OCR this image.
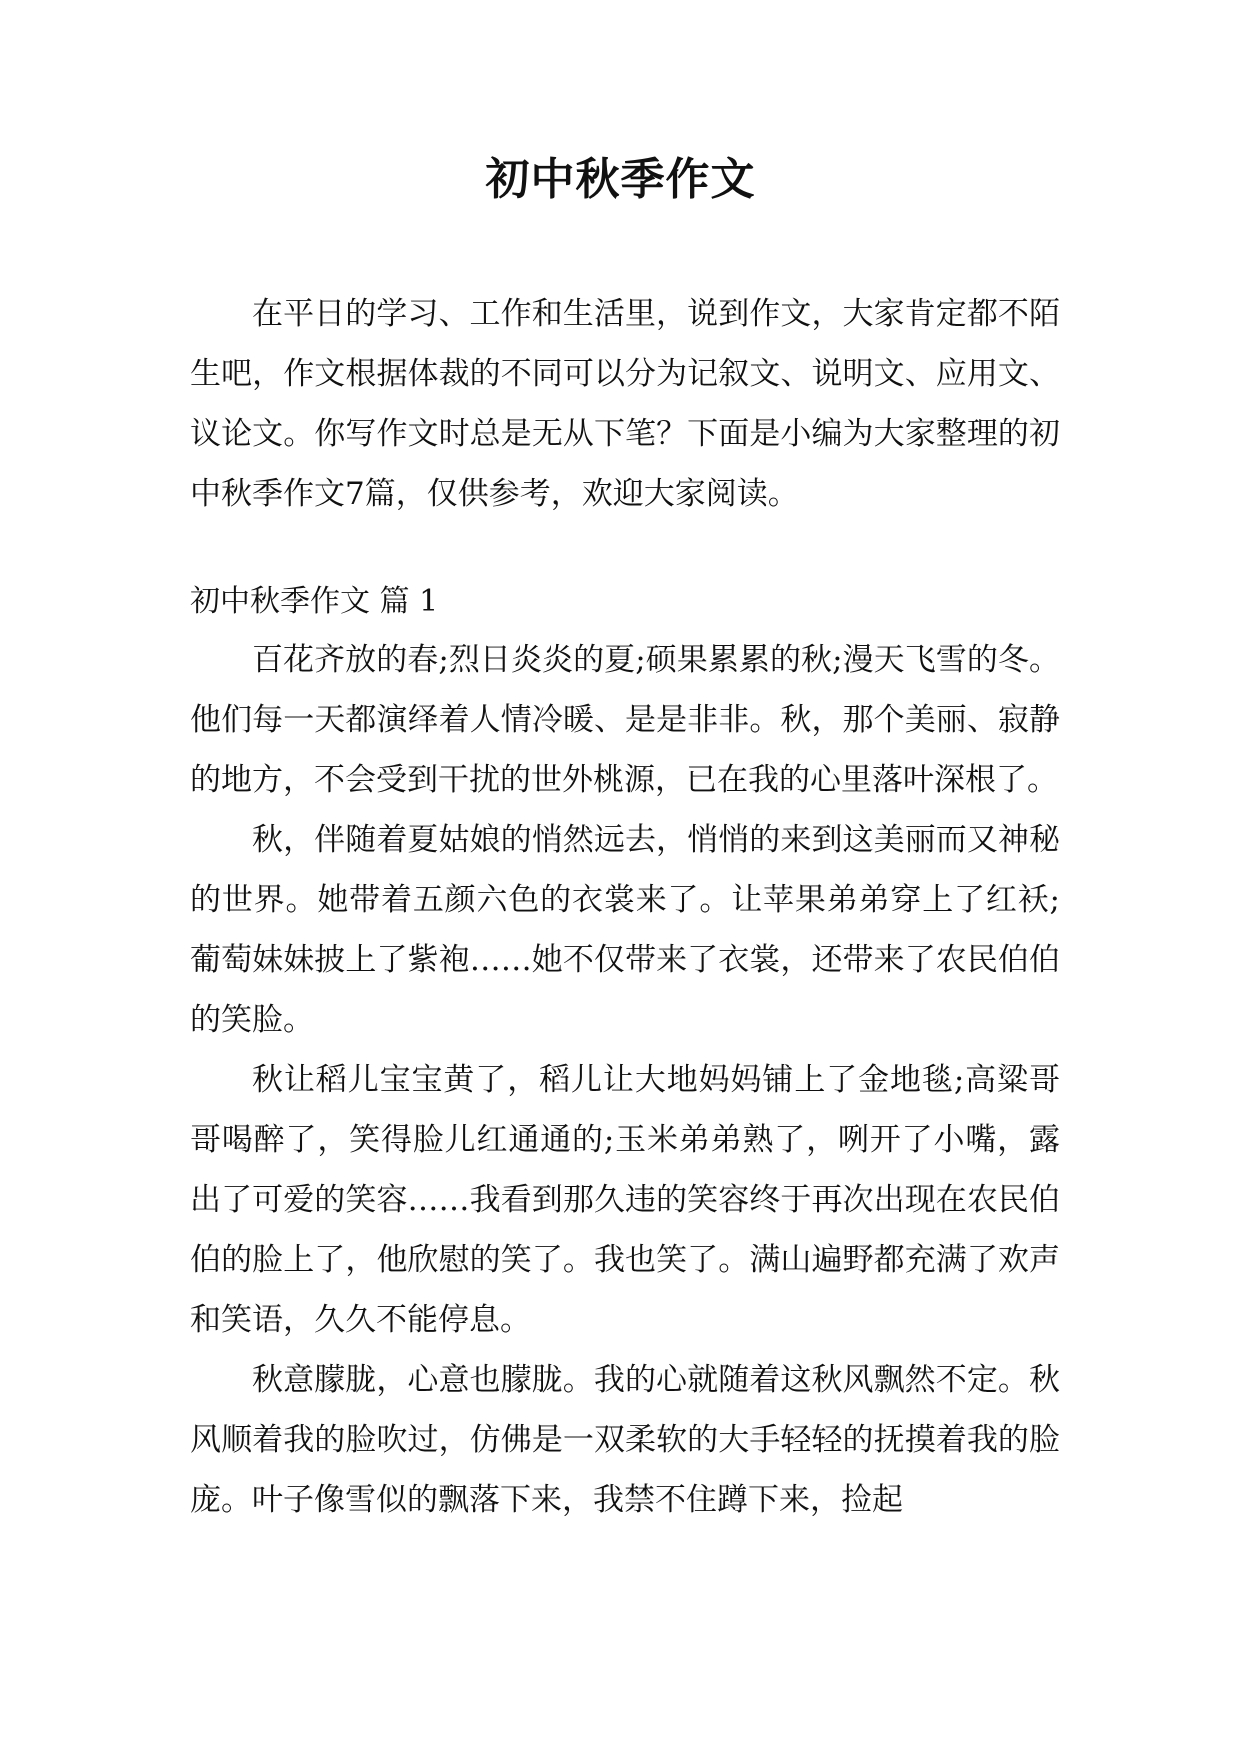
初中秋季作文

在平日的学习、工作和生活里，说到作文，大家肯定都不陌生吧，作文根据体裁的不同可以分为记叙文、说明文、应用文、议论文。你写作文时总是无从下笔？下面是小编为大家整理的初中秋季作文7篇，仅供参考，欢迎大家阅读。

初中秋季作文 篇 1

百花齐放的春;烈日炎炎的夏;硕果累累的秋;漫天飞雪的冬。他们每一天都演绎着人情冷暖、是是非非。秋，那个美丽、寂静的地方，不会受到干扰的世外桃源，已在我的心里落叶深根了。

秋，伴随着夏姑娘的悄然远去，悄悄的来到这美丽而又神秘的世界。她带着五颜六色的衣裳来了。让苹果弟弟穿上了红袄;葡萄妹妹披上了紫袍……她不仅带来了衣裳，还带来了农民伯伯的笑脸。

秋让稻儿宝宝黄了，稻儿让大地妈妈铺上了金地毯;高粱哥哥喝醉了，笑得脸儿红通通的;玉米弟弟熟了，咧开了小嘴，露出了可爱的笑容……我看到那久违的笑容终于再次出现在农民伯伯的脸上了，他欣慰的笑了。我也笑了。满山遍野都充满了欢声和笑语，久久不能停息。

秋意朦胧，心意也朦胧。我的心就随着这秋风飘然不定。秋风顺着我的脸吹过，仿佛是一双柔软的大手轻轻的抚摸着我的脸庞。叶子像雪似的飘落下来，我禁不住蹲下来，捡起
